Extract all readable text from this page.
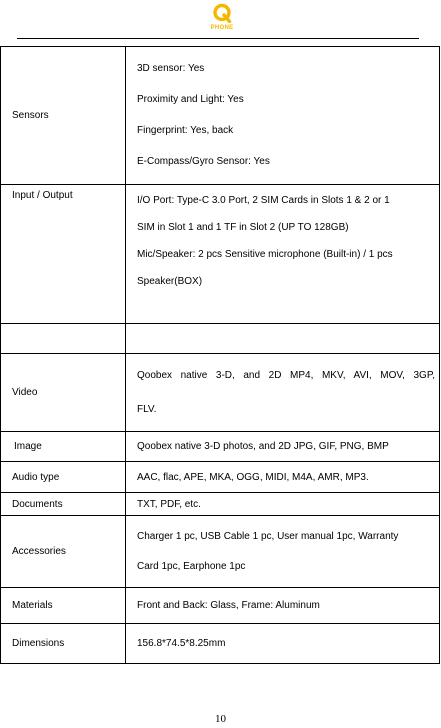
PHONE
Sensors	3D sensor: Yes
Proximity and Light: Yes
Fingerprint: Yes, back
E-Compass/Gyro Sensor: Yes

Input / Output	I/O Port: Type-C 3.0 Port, 2 SIM Cards in Slots 1 & 2 or 1
SIM in Slot 1 and 1 TF in Slot 2 (UP TO 128GB)
Mic/Speaker: 2 pcs Sensitive microphone (Built-in) / 1 pcs
Speaker(BOX)

Video	Qoobex native 3-D, and 2D MP4, MKV, AVI, MOV, 3GP,
FLV.

Image	Qoobex native 3-D photos, and 2D JPG, GIF, PNG, BMP
Audio type	AAC, flac, APE, MKA, OGG, MIDI, M4A, AMR, MP3.
Documents	TXT, PDF, etc.
Accessories	Charger 1 pc, USB Cable 1 pc, User manual 1pc, Warranty
Card 1pc, Earphone 1pc

Materials	Front and Back: Glass, Frame: Aluminum
Dimensions	156.8*74.5*8.25mm
10
